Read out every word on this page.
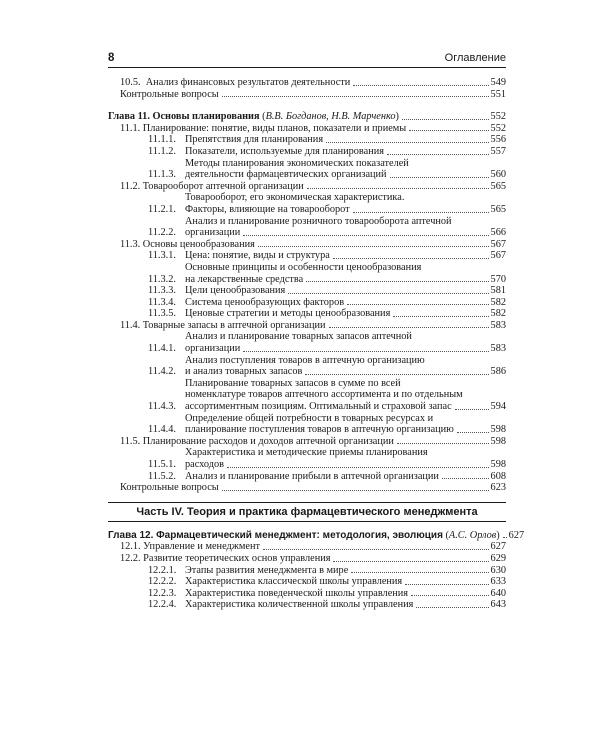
8	Оглавление
10.5. Анализ финансовых результатов деятельности	549
Контрольные вопросы	551
Глава 11. Основы планирования (В.В. Богданов, Н.В. Марченко)	552
11.1. Планирование: понятие, виды планов, показатели и приемы	552
11.1.1. Препятствия для планирования	556
11.1.2. Показатели, используемые для планирования	557
11.1.3.
Методы планирования экономических показателей
деятельности фармацевтических организаций	560
11.2. Товарооборот аптечной организации	565
11.2.1.
Товарооборот, его экономическая характеристика.
Факторы, влияющие на товарооборот	565
11.2.2.
Анализ и планирование розничного товарооборота аптечной
организации	566
11.3. Основы ценообразования	567
11.3.1. Цена: понятие, виды и структура	567
11.3.2.
Основные принципы и особенности ценообразования
на лекарственные средства	570
11.3.3. Цели ценообразования	581
11.3.4. Система ценообразующих факторов	582
11.3.5. Ценовые стратегии и методы ценообразования	582
11.4. Товарные запасы в аптечной организации	583
11.4.1.
Анализ и планирование товарных запасов аптечной
организации	583
11.4.2.
Анализ поступления товаров в аптечную организацию
и анализ товарных запасов	586
11.4.3.
Планирование товарных запасов в сумме по всей
номенклатуре товаров аптечного ассортимента и по отдельным
ассортиментным позициям. Оптимальный и страховой запас	594
11.4.4.
Определение общей потребности в товарных ресурсах и
планирование поступления товаров в аптечную организацию	598
11.5. Планирование расходов и доходов аптечной организации	598
11.5.1.
Характеристика и методические приемы планирования
расходов	598
11.5.2. Анализ и планирование прибыли в аптечной организации	608
Контрольные вопросы	623
Часть IV. Теория и практика фармацевтического менеджмента
Глава 12. Фармацевтический менеджмент: методология, эволюция (А.С. Орлов) 627
12.1. Управление и менеджмент	627
12.2. Развитие теоретических основ управления	629
12.2.1. Этапы развития менеджмента в мире	630
12.2.2. Характеристика классической школы управления	633
12.2.3. Характеристика поведенческой школы управления	640
12.2.4. Характеристика количественной школы управления	643
